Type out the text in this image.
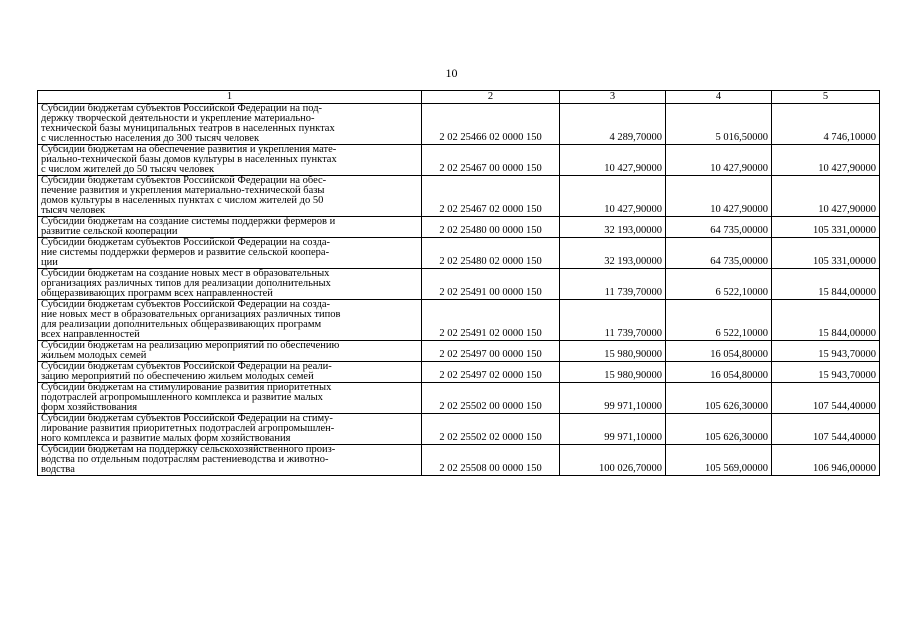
10
1	2	3	4	5

Субсидии бюджетам субъектов Российской Федерации на под-
держку творческой деятельности и укрепление материально-
технической базы муниципальных театров в населенных пунктах
с численностью населения до 300 тысяч человек	2 02 25466 02 0000 150	4 289,70000	5 016,50000	4 746,10000

Субсидии бюджетам на обеспечение развития и укрепления мате-
риально-технической базы домов культуры в населенных пунктах
с числом жителей до 50 тысяч человек	2 02 25467 00 0000 150	10 427,90000	10 427,90000	10 427,90000

Субсидии бюджетам субъектов Российской Федерации на обес-
печение развития и укрепления материально-технической базы
домов культуры в населенных пунктах с числом жителей до 50
тысяч человек	2 02 25467 02 0000 150	10 427,90000	10 427,90000	10 427,90000

Субсидии бюджетам на создание системы поддержки фермеров и
развитие сельской кооперации	2 02 25480 00 0000 150	32 193,00000	64 735,00000	105 331,00000

Субсидии бюджетам субъектов Российской Федерации на созда-
ние системы поддержки фермеров и развитие сельской коопера-
ции	2 02 25480 02 0000 150	32 193,00000	64 735,00000	105 331,00000

Субсидии бюджетам на создание новых мест в образовательных
организациях различных типов для реализации дополнительных
общеразвивающих программ всех направленностей	2 02 25491 00 0000 150	11 739,70000	6 522,10000	15 844,00000

Субсидии бюджетам субъектов Российской Федерации на созда-
ние новых мест в образовательных организациях различных типов
для реализации дополнительных общеразвивающих программ
всех направленностей	2 02 25491 02 0000 150	11 739,70000	6 522,10000	15 844,00000

Субсидии бюджетам на реализацию мероприятий по обеспечению
жильем молодых семей	2 02 25497 00 0000 150	15 980,90000	16 054,80000	15 943,70000

Субсидии бюджетам субъектов Российской Федерации на реали-
зацию мероприятий по обеспечению жильем молодых семей	2 02 25497 02 0000 150	15 980,90000	16 054,80000	15 943,70000

Субсидии бюджетам на стимулирование развития приоритетных
подотраслей агропромышленного комплекса и развитие малых
форм хозяйствования	2 02 25502 00 0000 150	99 971,10000	105 626,30000	107 544,40000

Субсидии бюджетам субъектов Российской Федерации на стиму-
лирование развития приоритетных подотраслей агропромышлен-
ного комплекса и развитие малых форм хозяйствования	2 02 25502 02 0000 150	99 971,10000	105 626,30000	107 544,40000

Субсидии бюджетам на поддержку сельскохозяйственного произ-
водства по отдельным подотраслям растениеводства и животно-
водства	2 02 25508 00 0000 150	100 026,70000	105 569,00000	106 946,00000
